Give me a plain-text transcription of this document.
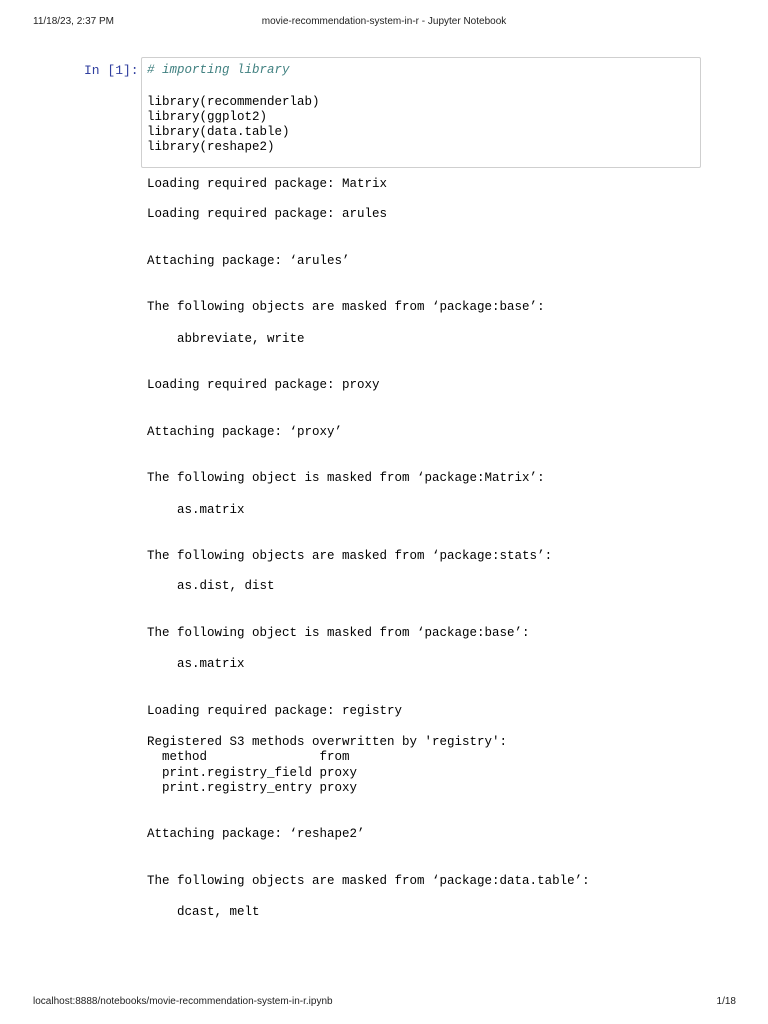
11/18/23, 2:37 PM	movie-recommendation-system-in-r - Jupyter Notebook
In [1]: # importing library
library(recommenderlab)
library(ggplot2)
library(data.table)
library(reshape2)
Loading required package: Matrix
Loading required package: arules
Attaching package: ‘arules’
The following objects are masked from ‘package:base’:
abbreviate, write
Loading required package: proxy
Attaching package: ‘proxy’
The following object is masked from ‘package:Matrix’:
as.matrix
The following objects are masked from ‘package:stats’:
as.dist, dist
The following object is masked from ‘package:base’:
as.matrix
Loading required package: registry
Registered S3 methods overwritten by 'registry':
method               from
print.registry_field proxy
print.registry_entry proxy
Attaching package: ‘reshape2’
The following objects are masked from ‘package:data.table’:
dcast, melt
localhost:8888/notebooks/movie-recommendation-system-in-r.ipynb	1/18
